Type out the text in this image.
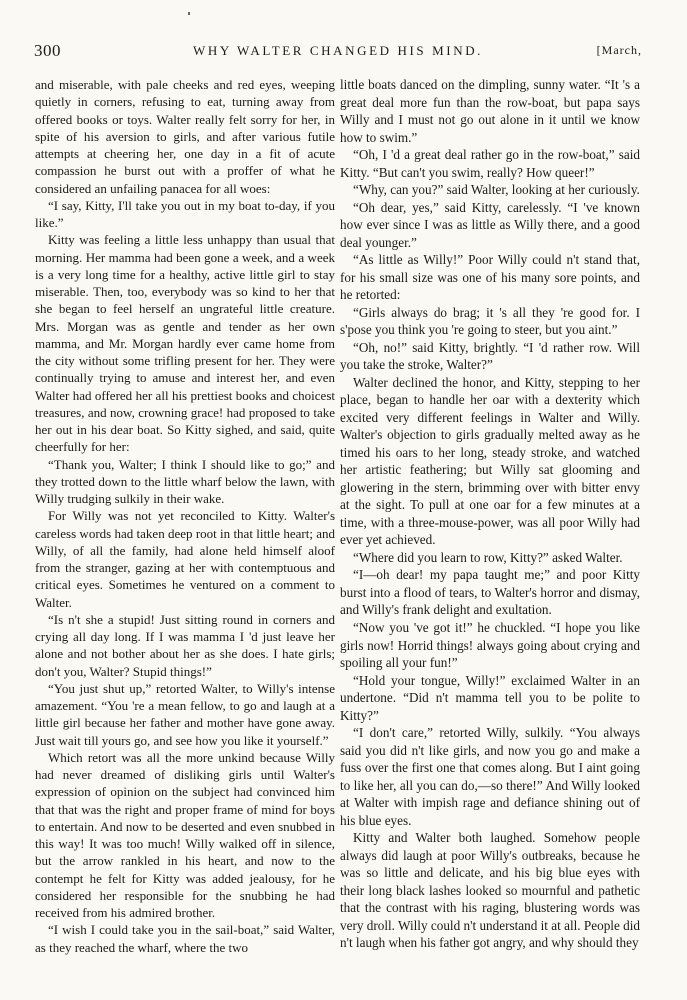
300	WHY WALTER CHANGED HIS MIND.	[March,

and miserable, with pale cheeks and red eyes, weeping quietly in corners, refusing to eat, turning away from offered books or toys. Walter really felt sorry for her, in spite of his aversion to girls, and after various futile attempts at cheering her, one day in a fit of acute compassion he burst out with a proffer of what he considered an unfailing panacea for all woes:

“I say, Kitty, I'll take you out in my boat to-day, if you like.”

Kitty was feeling a little less unhappy than usual that morning. Her mamma had been gone a week, and a week is a very long time for a healthy, active little girl to stay miserable. Then, too, everybody was so kind to her that she began to feel herself an ungrateful little creature. Mrs. Morgan was as gentle and tender as her own mamma, and Mr. Morgan hardly ever came home from the city without some trifling present for her. They were continually trying to amuse and interest her, and even Walter had offered her all his prettiest books and choicest treasures, and now, crowning grace! had proposed to take her out in his dear boat. So Kitty sighed, and said, quite cheerfully for her:

“Thank you, Walter; I think I should like to go;” and they trotted down to the little wharf below the lawn, with Willy trudging sulkily in their wake.

For Willy was not yet reconciled to Kitty. Walter's careless words had taken deep root in that little heart; and Willy, of all the family, had alone held himself aloof from the stranger, gazing at her with contemptuous and critical eyes. Sometimes he ventured on a comment to Walter.

“Is n't she a stupid! Just sitting round in corners and crying all day long. If I was mamma I 'd just leave her alone and not bother about her as she does. I hate girls; don't you, Walter? Stupid things!”

“You just shut up,” retorted Walter, to Willy's intense amazement. “You 're a mean fellow, to go and laugh at a little girl because her father and mother have gone away. Just wait till yours go, and see how you like it yourself.”

Which retort was all the more unkind because Willy had never dreamed of disliking girls until Walter's expression of opinion on the subject had convinced him that that was the right and proper frame of mind for boys to entertain. And now to be deserted and even snubbed in this way! It was too much! Willy walked off in silence, but the arrow rankled in his heart, and now to the contempt he felt for Kitty was added jealousy, for he considered her responsible for the snubbing he had received from his admired brother.

“I wish I could take you in the sail-boat,” said Walter, as they reached the wharf, where the two

little boats danced on the dimpling, sunny water. “It 's a great deal more fun than the row-boat, but papa says Willy and I must not go out alone in it until we know how to swim.”

“Oh, I 'd a great deal rather go in the row-boat,” said Kitty. “But can't you swim, really? How queer!”

“Why, can you?” said Walter, looking at her curiously.

“Oh dear, yes,” said Kitty, carelessly. “I 've known how ever since I was as little as Willy there, and a good deal younger.”

“As little as Willy!” Poor Willy could n't stand that, for his small size was one of his many sore points, and he retorted:

“Girls always do brag; it 's all they 're good for. I s'pose you think you 're going to steer, but you aint.”

“Oh, no!” said Kitty, brightly. “I 'd rather row. Will you take the stroke, Walter?”

Walter declined the honor, and Kitty, stepping to her place, began to handle her oar with a dexterity which excited very different feelings in Walter and Willy. Walter's objection to girls gradually melted away as he timed his oars to her long, steady stroke, and watched her artistic feathering; but Willy sat glooming and glowering in the stern, brimming over with bitter envy at the sight. To pull at one oar for a few minutes at a time, with a three-mouse-power, was all poor Willy had ever yet achieved.

“Where did you learn to row, Kitty?” asked Walter.

“I—oh dear! my papa taught me;” and poor Kitty burst into a flood of tears, to Walter's horror and dismay, and Willy's frank delight and exultation.

“Now you 've got it!” he chuckled. “I hope you like girls now! Horrid things! always going about crying and spoiling all your fun!”

“Hold your tongue, Willy!” exclaimed Walter in an undertone. “Did n't mamma tell you to be polite to Kitty?”

“I don't care,” retorted Willy, sulkily. “You always said you did n't like girls, and now you go and make a fuss over the first one that comes along. But I aint going to like her, all you can do,—so there!” And Willy looked at Walter with impish rage and defiance shining out of his blue eyes.

Kitty and Walter both laughed. Somehow people always did laugh at poor Willy's outbreaks, because he was so little and delicate, and his big blue eyes with their long black lashes looked so mournful and pathetic that the contrast with his raging, blustering words was very droll. Willy could n't understand it at all. People did n't laugh when his father got angry, and why should they
